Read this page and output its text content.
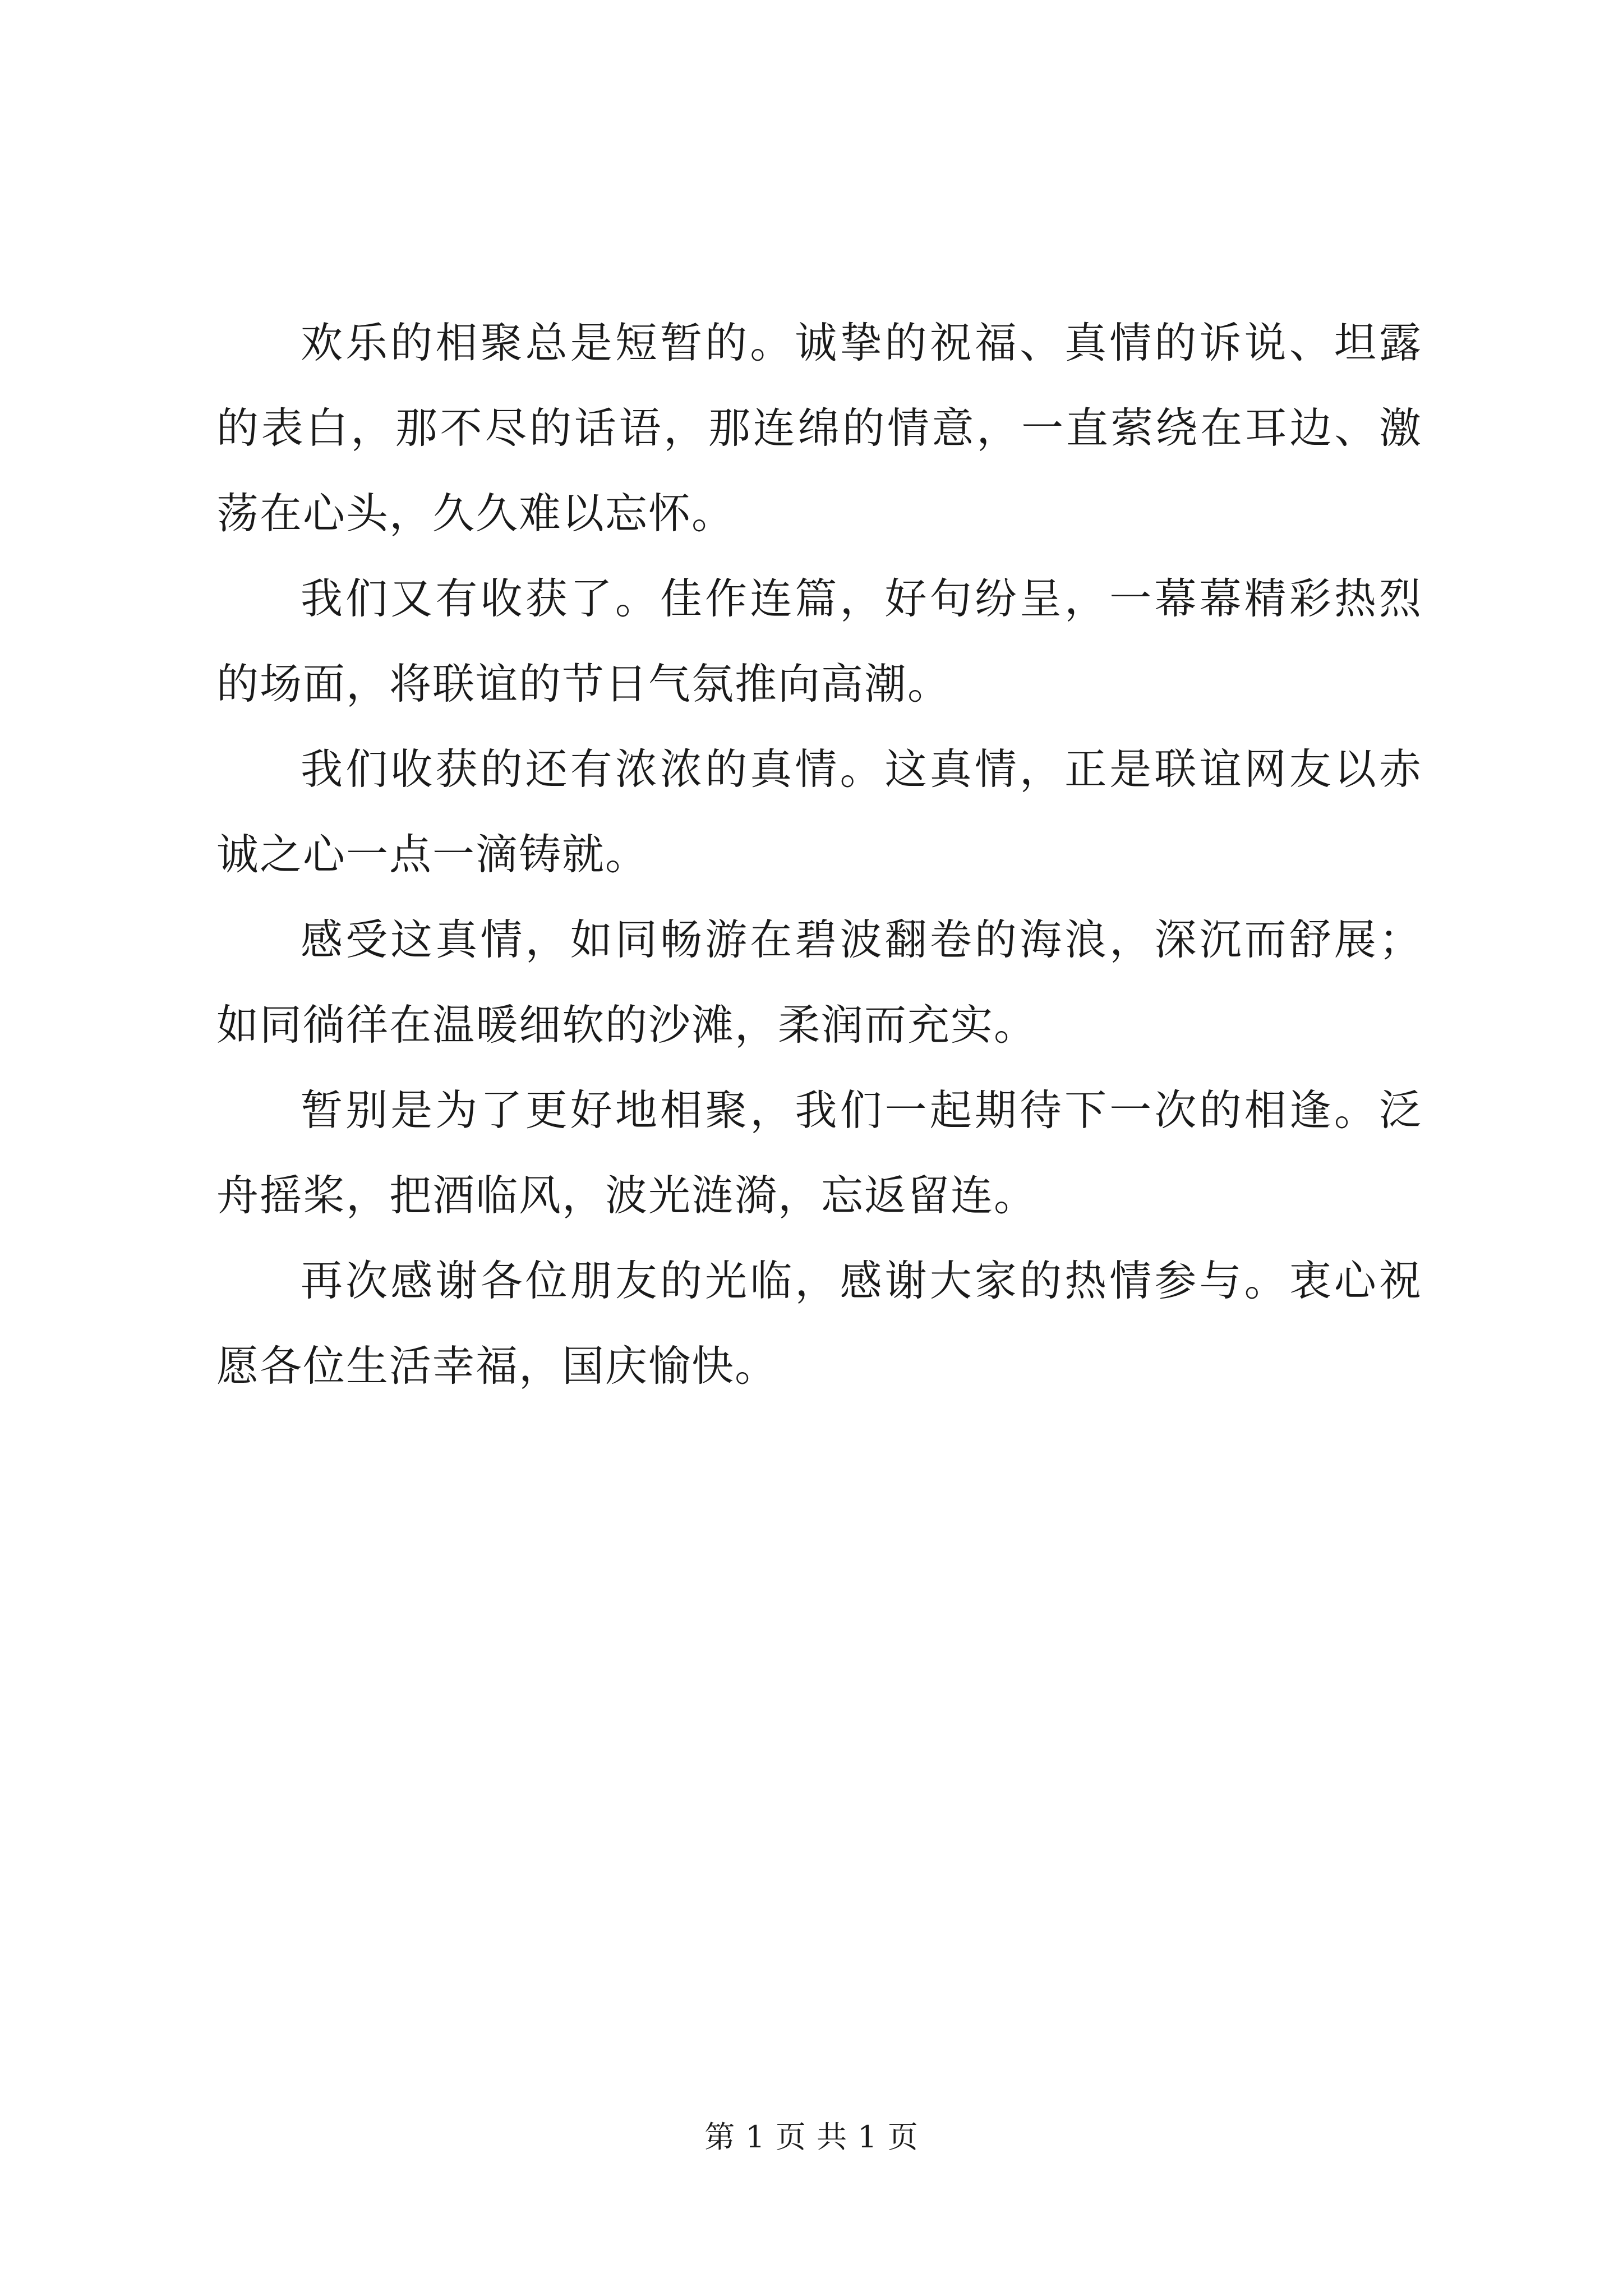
欢乐的相聚总是短暂的。诚挚的祝福、真情的诉说、坦露的表白，那不尽的话语，那连绵的情意，一直萦绕在耳边、激荡在心头，久久难以忘怀。

我们又有收获了。佳作连篇，好句纷呈，一幕幕精彩热烈的场面，将联谊的节日气氛推向高潮。

我们收获的还有浓浓的真情。这真情，正是联谊网友以赤诚之心一点一滴铸就。

感受这真情，如同畅游在碧波翻卷的海浪，深沉而舒展；如同徜徉在温暖细软的沙滩，柔润而充实。

暂别是为了更好地相聚，我们一起期待下一次的相逢。泛舟摇桨，把酒临风，波光涟漪，忘返留连。

再次感谢各位朋友的光临，感谢大家的热情参与。衷心祝愿各位生活幸福，国庆愉快。

第 1 页 共 1 页
